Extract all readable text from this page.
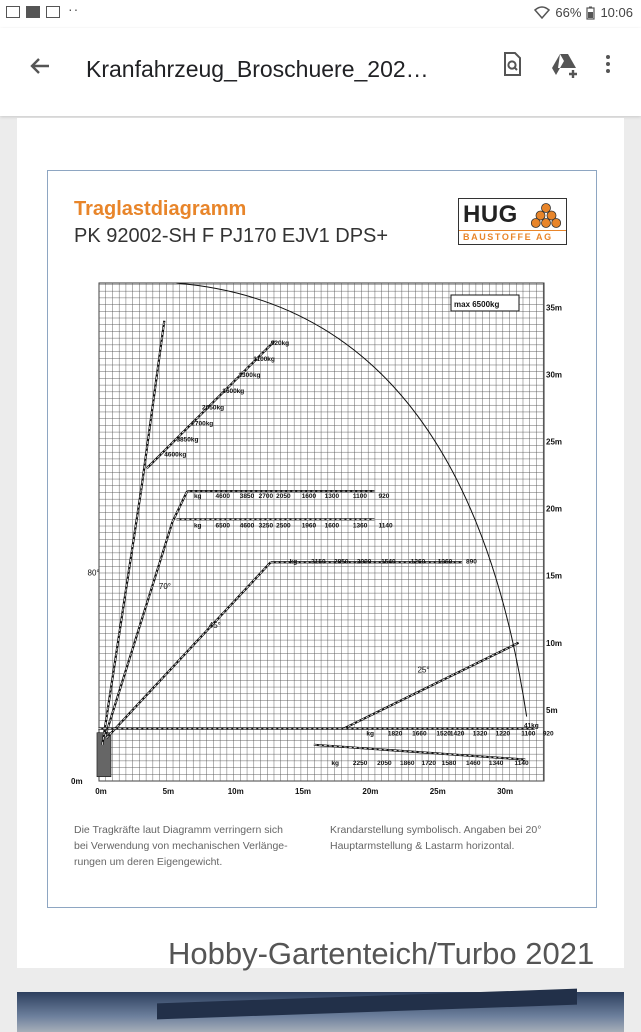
··	66% 10:06
Kranfahrzeug_Broschuere_202…
Traglastdiagramm
PK 92002-SH F PJ170 EJV1 DPS+
HUG
BAUSTOFFE AG
0m	5m	10m	15m	20m	25m	30m
0m
5m
10m
15m
20m
25m
30m
35m
max 6500kg
80°
70°
45°
25°
920kg
1100kg
1300kg
1600kg
2050kg
2700kg
3850kg
4600kg
kg 4600 3850 2700 2050 1600 1300 1100 920
kg 6500 4600 3250 2500 1960 1600 1360 1140
kg 3150 2850 2000 1540 1260 1060 890
kg
41kg
1820 1660 1520 1420 1320 1220 1100 920
kg 2250 2050 1860 1720 1580 1460 1340 1140
Die Tragkräfte laut Diagramm verringern sich
bei Verwendung von mechanischen Verlänge-
rungen um deren Eigengewicht.
Krandarstellung symbolisch. Angaben bei 20°
Hauptarmstellung & Lastarm horizontal.
Hobby-Gartenteich/Turbo 2021
